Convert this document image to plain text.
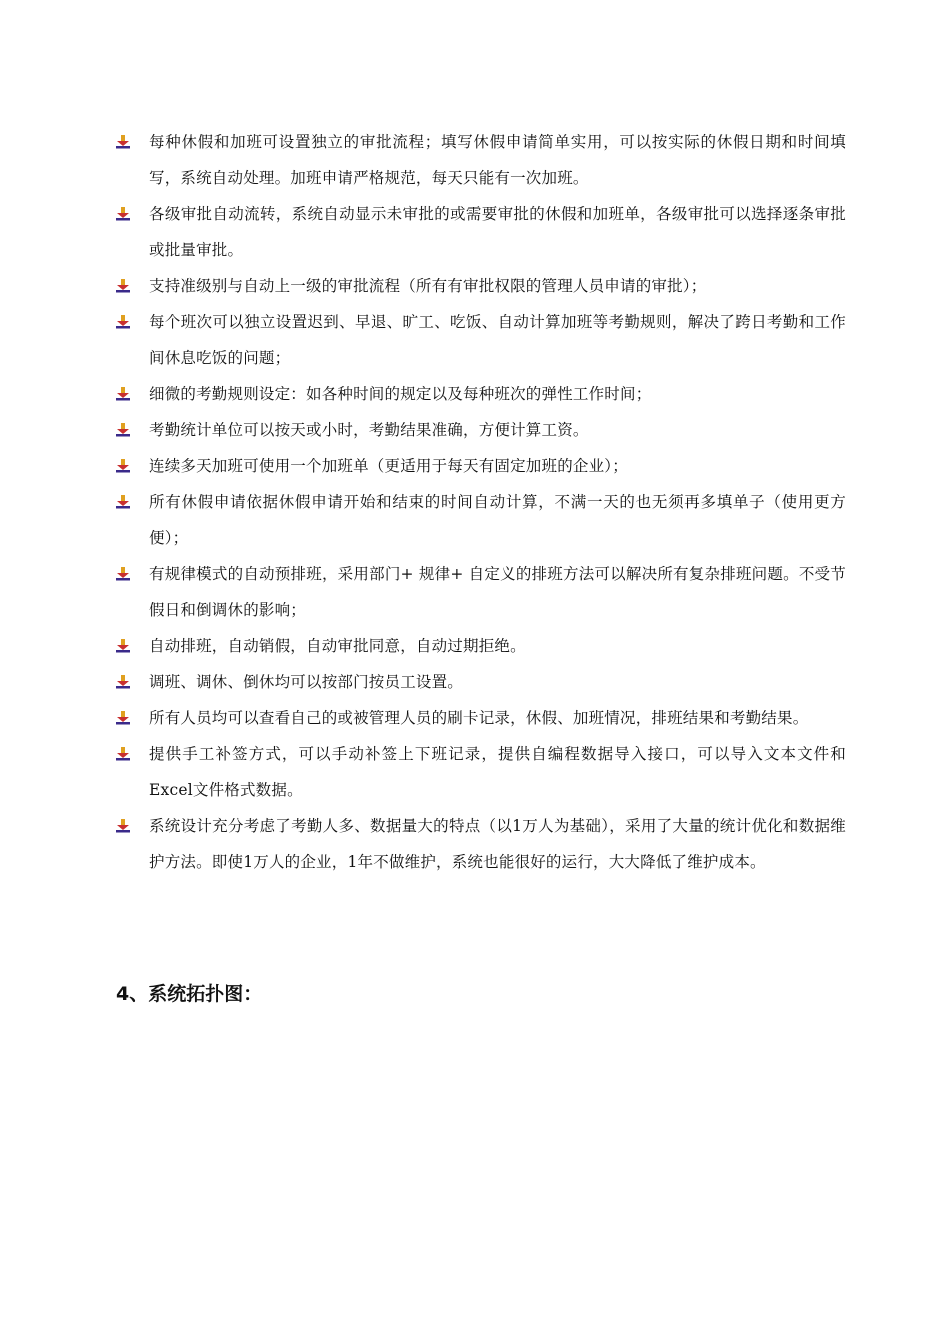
每种休假和加班可设置独立的审批流程；填写休假申请简单实用，可以按实际的休假日期和时间填写，系统自动处理。加班申请严格规范，每天只能有一次加班。
各级审批自动流转，系统自动显示未审批的或需要审批的休假和加班单，各级审批可以选择逐条审批或批量审批。
支持准级别与自动上一级的审批流程（所有有审批权限的管理人员申请的审批）；
每个班次可以独立设置迟到、早退、旷工、吃饭、自动计算加班等考勤规则，解决了跨日考勤和工作间休息吃饭的问题；
细微的考勤规则设定：如各种时间的规定以及每种班次的弹性工作时间；
考勤统计单位可以按天或小时，考勤结果准确，方便计算工资。
连续多天加班可使用一个加班单（更适用于每天有固定加班的企业）；
所有休假申请依据休假申请开始和结束的时间自动计算，不满一天的也无须再多填单子（使用更方便）；
有规律模式的自动预排班，采用部门+ 规律+ 自定义的排班方法可以解决所有复杂排班问题。不受节假日和倒调休的影响；
自动排班，自动销假，自动审批同意，自动过期拒绝。
调班、调休、倒休均可以按部门按员工设置。
所有人员均可以查看自己的或被管理人员的刷卡记录，休假、加班情况，排班结果和考勤结果。
提供手工补签方式，可以手动补签上下班记录，提供自编程数据导入接口，可以导入文本文件和Excel文件格式数据。
系统设计充分考虑了考勤人多、数据量大的特点（以1万人为基础），采用了大量的统计优化和数据维护方法。即使1万人的企业，1年不做维护，系统也能很好的运行，大大降低了维护成本。
4、系统拓扑图：
